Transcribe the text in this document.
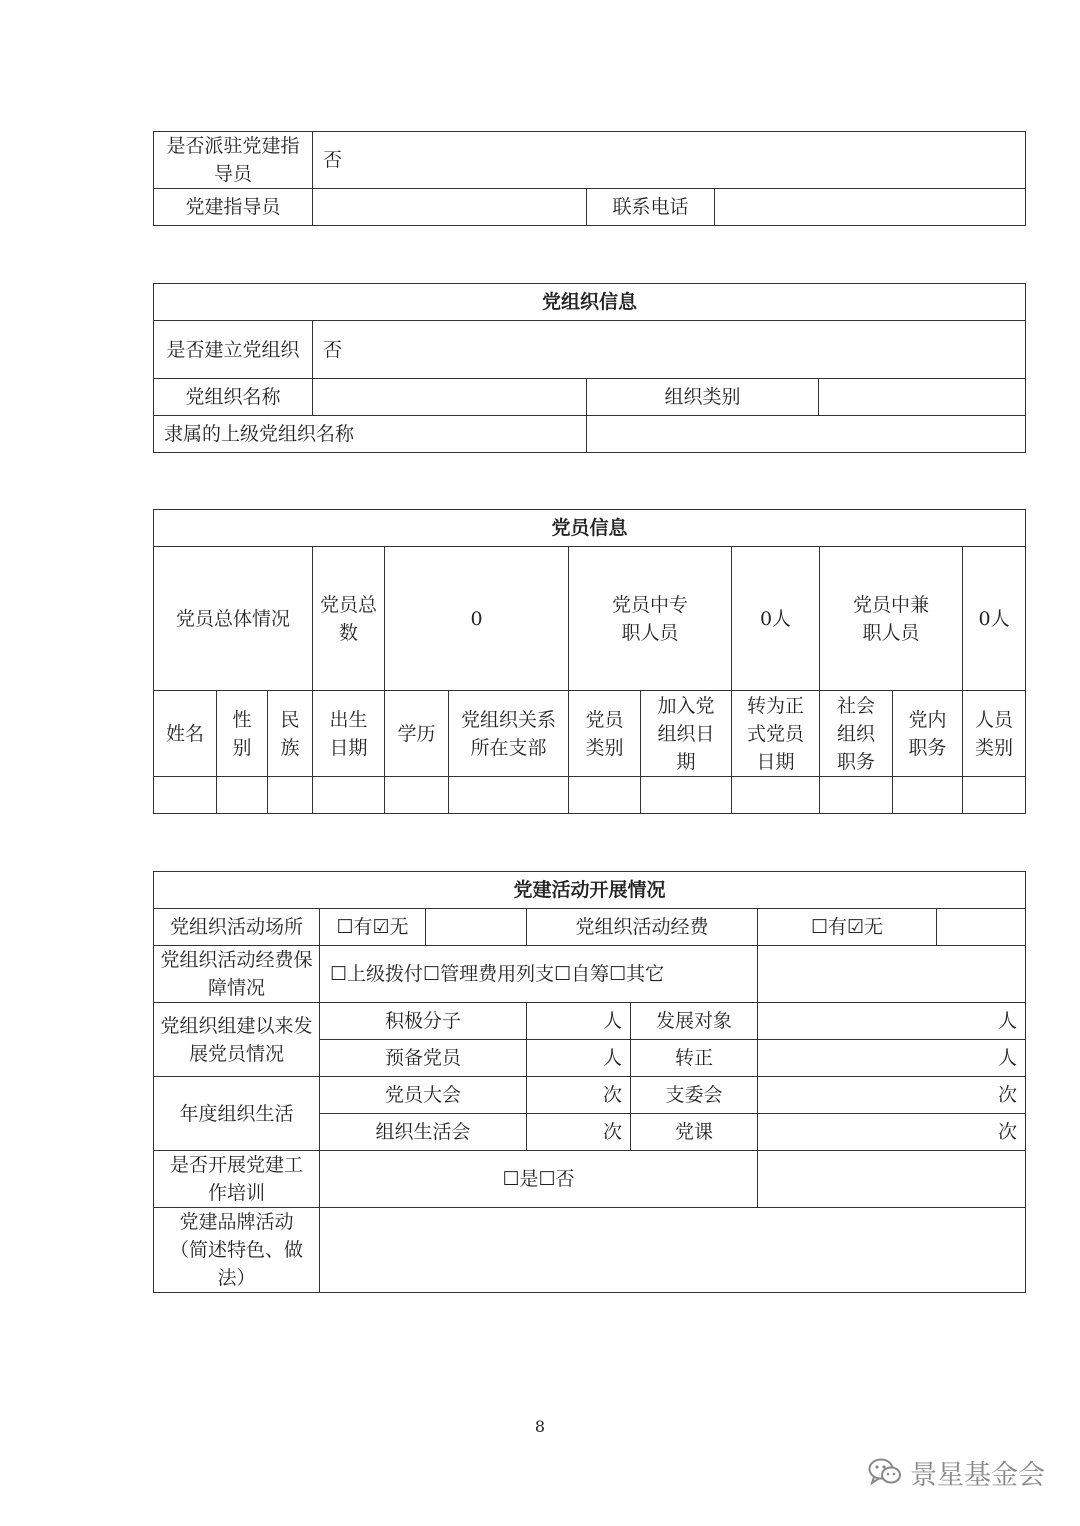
是否派驻党建指导员	否		
党建指导员		联系电话	
党组织信息			
是否建立党组织	否		
党组织名称		组织类别	
隶属的上级党组织名称			
党员信息											
党员总体情况			党员总数	0		党员中专职人员		0人	党员中兼职人员		0人
姓名	性别	民族	出生日期	学历	党组织关系所在支部	党员类别	加入党组织日期	转为正式党员日期	社会组织职务	党内职务	人员类别

党建活动开展情况						
党组织活动场所	☐有☑无		党组织活动经费		☐有☑无	
党组织活动经费保障情况	☐上级拨付☐管理费用列支☐自筹☐其它					
党组织组建以来发展党员情况	积极分子		人	发展对象	人	
	预备党员		人	转正	人	
年度组织生活	党员大会		次	支委会	次	
	组织生活会		次	党课	次	
是否开展党建工作培训	☐是☐否					
党建品牌活动（简述特色、做法）						
8
景星基金会
